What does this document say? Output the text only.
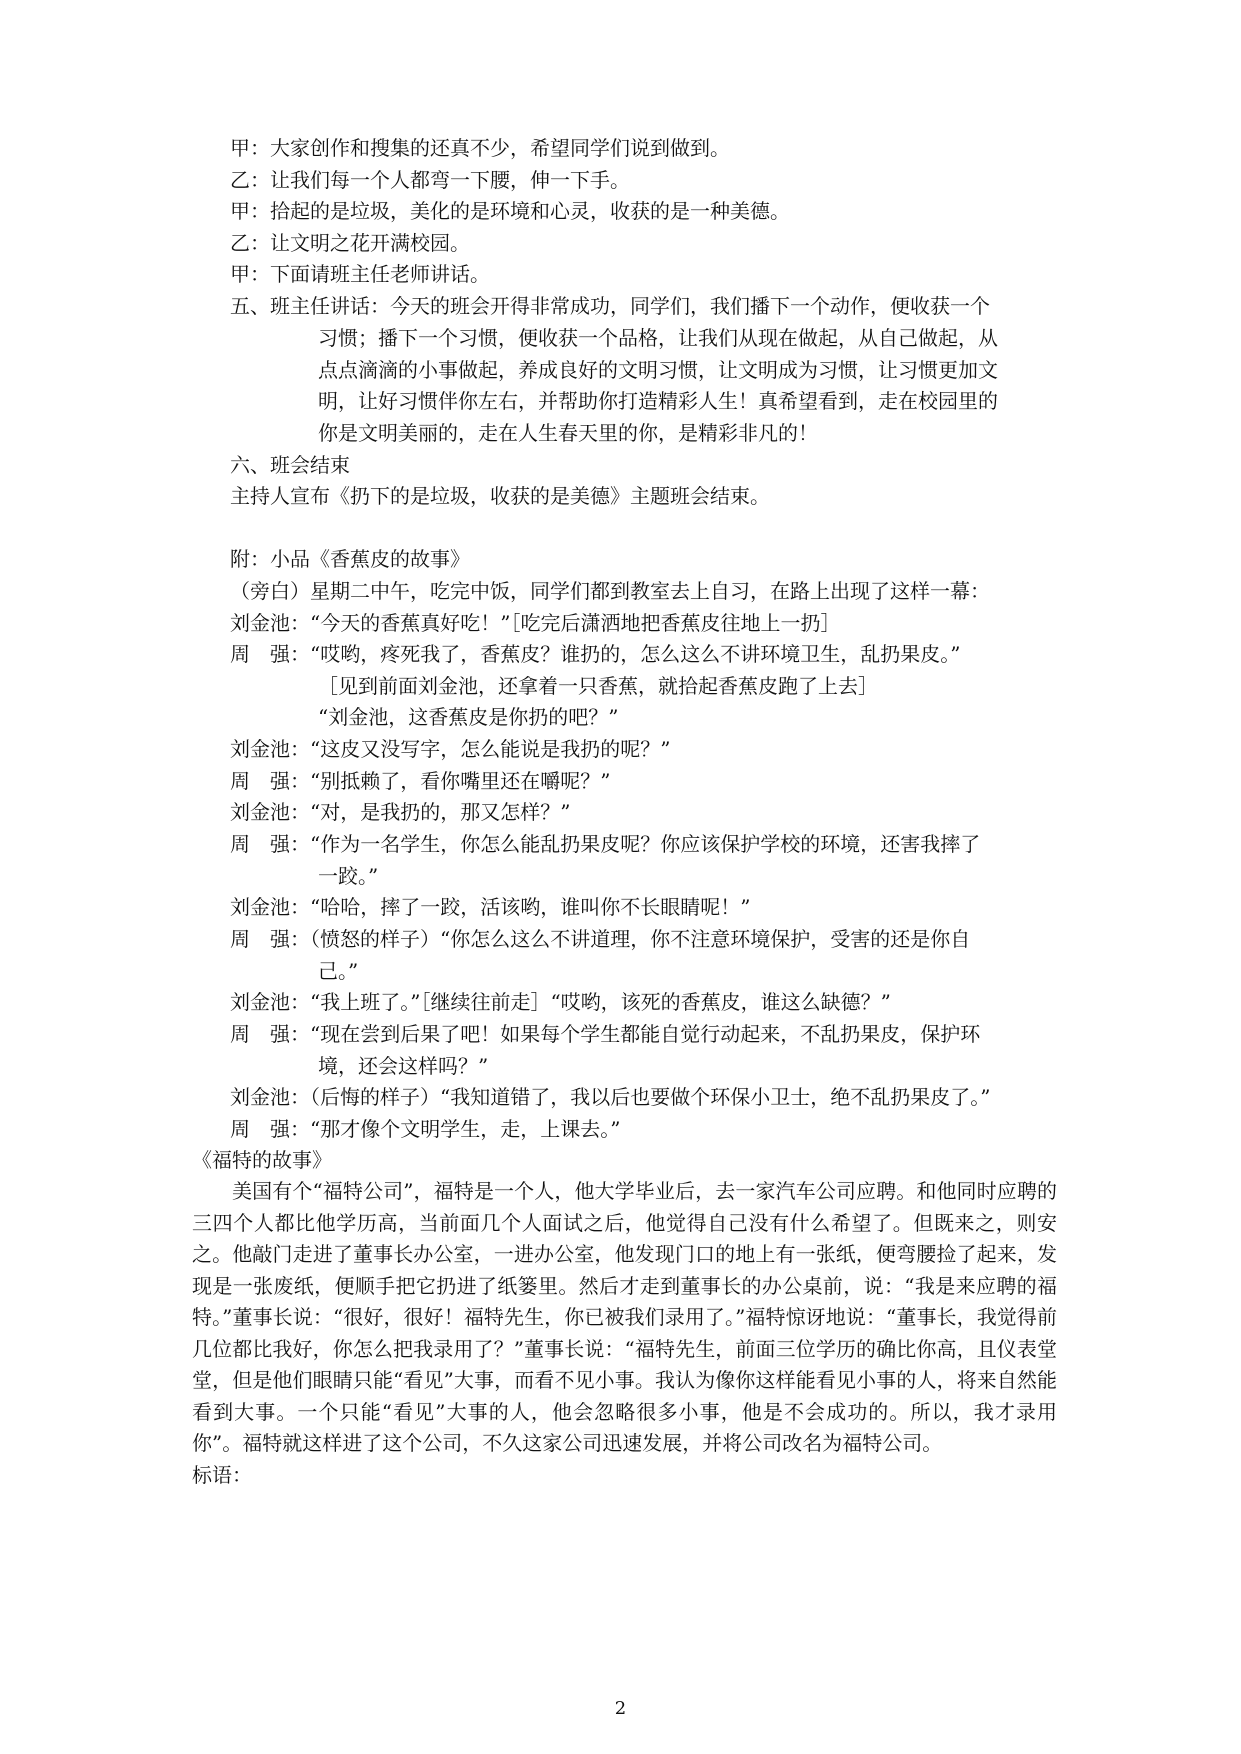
甲：大家创作和搜集的还真不少，希望同学们说到做到。
乙：让我们每一个人都弯一下腰，伸一下手。
甲：拾起的是垃圾，美化的是环境和心灵，收获的是一种美德。
乙：让文明之花开满校园。
甲：下面请班主任老师讲话。
五、班主任讲话：今天的班会开得非常成功，同学们，我们播下一个动作，便收获一个
习惯；播下一个习惯，便收获一个品格，让我们从现在做起，从自己做起，从
点点滴滴的小事做起，养成良好的文明习惯，让文明成为习惯，让习惯更加文
明，让好习惯伴你左右，并帮助你打造精彩人生！真希望看到，走在校园里的
你是文明美丽的，走在人生春天里的你，是精彩非凡的！
六、班会结束
主持人宣布《扔下的是垃圾，收获的是美德》主题班会结束。
附：小品《香蕉皮的故事》
（旁白）星期二中午，吃完中饭，同学们都到教室去上自习，在路上出现了这样一幕：
刘金池：“今天的香蕉真好吃！”［吃完后潇洒地把香蕉皮往地上一扔］
周　强：“哎哟，疼死我了，香蕉皮？谁扔的，怎么这么不讲环境卫生，乱扔果皮。”
［见到前面刘金池，还拿着一只香蕉，就拾起香蕉皮跑了上去］
“刘金池，这香蕉皮是你扔的吧？”
刘金池：“这皮又没写字，怎么能说是我扔的呢？”
周　强：“别抵赖了，看你嘴里还在嚼呢？”
刘金池：“对，是我扔的，那又怎样？”
周　强：“作为一名学生，你怎么能乱扔果皮呢？你应该保护学校的环境，还害我摔了
一跤。”
刘金池：“哈哈，摔了一跤，活该哟，谁叫你不长眼睛呢！”
周　强：（愤怒的样子）“你怎么这么不讲道理，你不注意环境保护，受害的还是你自
己。”
刘金池：“我上班了。”［继续往前走］“哎哟，该死的香蕉皮，谁这么缺德？”
周　强：“现在尝到后果了吧！如果每个学生都能自觉行动起来，不乱扔果皮，保护环
境，还会这样吗？”
刘金池：（后悔的样子）“我知道错了，我以后也要做个环保小卫士，绝不乱扔果皮了。”
周　强：“那才像个文明学生，走，上课去。”
《福特的故事》
美国有个“福特公司”，福特是一个人，他大学毕业后，去一家汽车公司应聘。和他同时应聘的三四个人都比他学历高，当前面几个人面试之后，他觉得自己没有什么希望了。但既来之，则安之。他敲门走进了董事长办公室，一进办公室，他发现门口的地上有一张纸，便弯腰捡了起来，发现是一张废纸，便顺手把它扔进了纸篓里。然后才走到董事长的办公桌前，说：“我是来应聘的福特。”董事长说：“很好，很好！福特先生，你已被我们录用了。”福特惊讶地说：“董事长，我觉得前几位都比我好，你怎么把我录用了？”董事长说：“福特先生，前面三位学历的确比你高，且仪表堂堂，但是他们眼睛只能“看见”大事，而看不见小事。我认为像你这样能看见小事的人，将来自然能看到大事。一个只能“看见”大事的人，他会忽略很多小事，他是不会成功的。所以，我才录用你”。福特就这样进了这个公司，不久这家公司迅速发展，并将公司改名为福特公司。
标语：
2
